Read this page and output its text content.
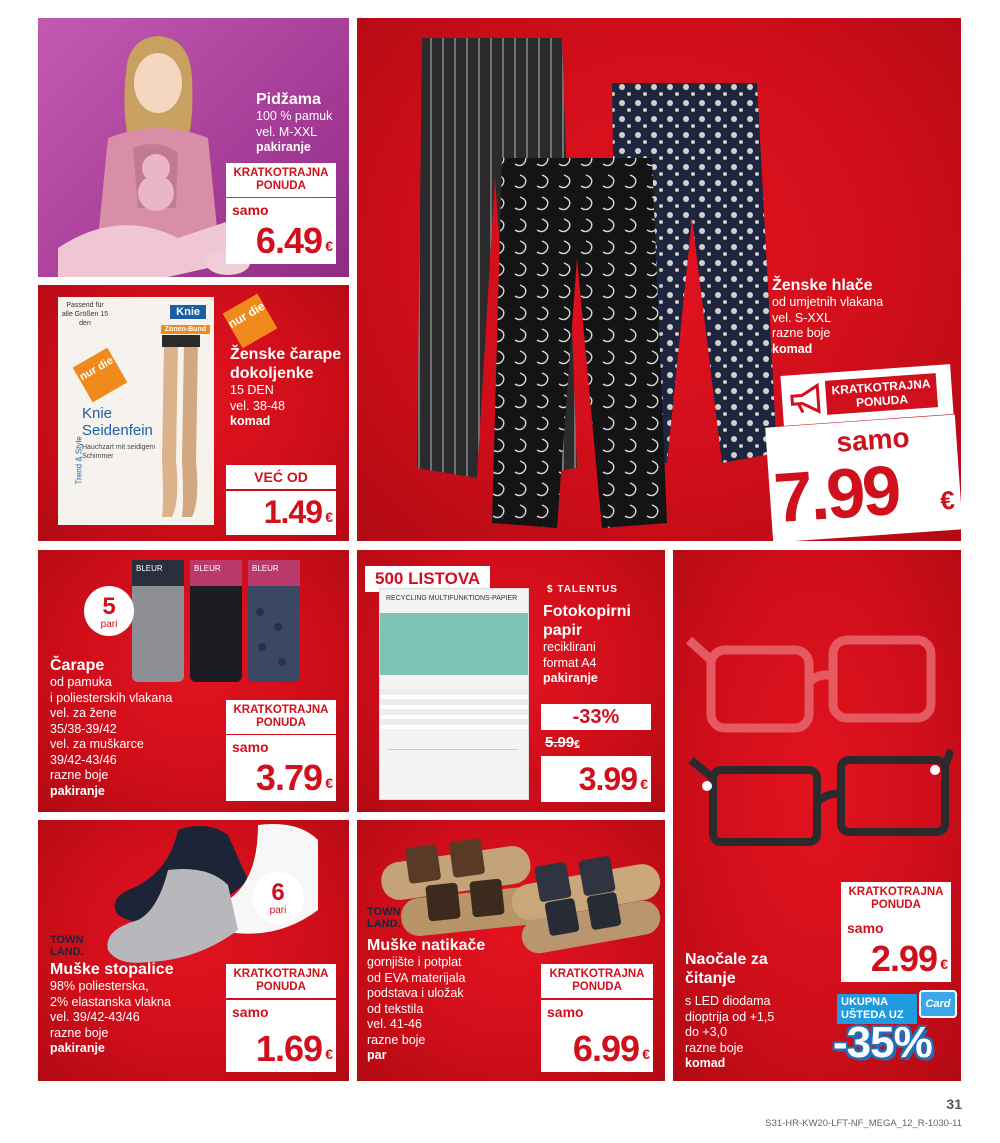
Pidžama
100 % pamuk
vel. M-XXL
pakiranje
KRATKOTRAJNA
PONUDA
samo
6.49 €
Passend für alle Größen 15 den
Knie
Zonen-Bund
nur die
Trend & Style
Knie Seidenfein
Hauchzart mit seidigem Schimmer
nur die
Ženske čarape dokoljenke
15 DEN
vel. 38-48
komad
VEĆ OD
1.49 €
Ženske hlače
od umjetnih vlakana
vel. S-XXL
razne boje
komad
KRATKOTRAJNA
PONUDA
samo
7.99 €
BLEUR	BLEUR	BLEUR
5
pari
Čarape
od pamuka
i poliesterskih vlakana
vel. za žene
35/38-39/42
vel. za muškarce
39/42-43/46
razne boje
pakiranje
KRATKOTRAJNA
PONUDA
samo
3.79 €
500 LISTOVA
RECYCLING MULTIFUNKTIONS-PAPIER
$ TALENTUS
Fotokopirni papir
reciklirani
format A4
pakiranje
-33%
5.99€
3.99 €
KRATKOTRAJNA
PONUDA
samo
2.99 €
Naočale za čitanje
s LED diodama
dioptrija od +1,5
do +3,0
razne boje
komad
UKUPNA
UŠTEDA UZ
Card
-35%
6
pari
TOWN LAND.
Muške stopalice
98% poliesterska,
2% elastanska vlakna
vel. 39/42-43/46
razne boje
pakiranje
KRATKOTRAJNA
PONUDA
samo
1.69 €
TOWN LAND.
Muške natikače
gornjište i potplat
od EVA materijala
podstava i uložak
od tekstila
vel. 41-46
razne boje
par
KRATKOTRAJNA
PONUDA
samo
6.99 €
31
S31-HR-KW20-LFT-NF_MEGA_12_R-1030-11
